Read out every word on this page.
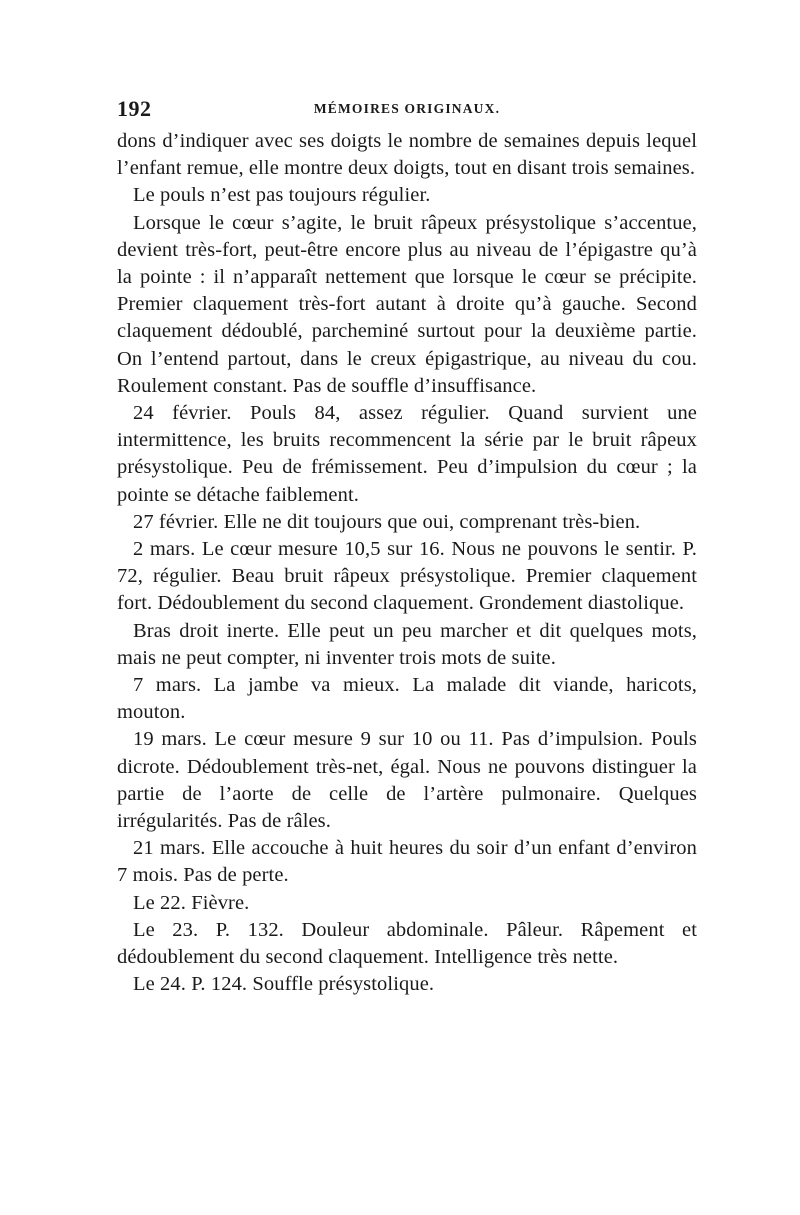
192	MÉMOIRES ORIGINAUX.

dons d’indiquer avec ses doigts le nombre de semaines depuis lequel l’enfant remue, elle montre deux doigts, tout en disant trois semaines.

Le pouls n’est pas toujours régulier.

Lorsque le cœur s’agite, le bruit râpeux présystolique s’accentue, devient très-fort, peut-être encore plus au niveau de l’épigastre qu’à la pointe : il n’apparaît nettement que lorsque le cœur se précipite. Premier claquement très-fort autant à droite qu’à gauche. Second claquement dédoublé, parcheminé surtout pour la deuxième partie. On l’entend partout, dans le creux épigastrique, au niveau du cou. Roulement constant. Pas de souffle d’insuffisance.

24 février. Pouls 84, assez régulier. Quand survient une intermittence, les bruits recommencent la série par le bruit râpeux présystolique. Peu de frémissement. Peu d’impulsion du cœur ; la pointe se détache faiblement.

27 février. Elle ne dit toujours que oui, comprenant très-bien.

2 mars. Le cœur mesure 10,5 sur 16. Nous ne pouvons le sentir. P. 72, régulier. Beau bruit râpeux présystolique. Premier claquement fort. Dédoublement du second claquement. Grondement diastolique.

Bras droit inerte. Elle peut un peu marcher et dit quelques mots, mais ne peut compter, ni inventer trois mots de suite.

7 mars. La jambe va mieux. La malade dit viande, haricots, mouton.

19 mars. Le cœur mesure 9 sur 10 ou 11. Pas d’impulsion. Pouls dicrote. Dédoublement très-net, égal. Nous ne pouvons distinguer la partie de l’aorte de celle de l’artère pulmonaire. Quelques irrégularités. Pas de râles.

21 mars. Elle accouche à huit heures du soir d’un enfant d’environ 7 mois. Pas de perte.

Le 22. Fièvre.

Le 23. P. 132. Douleur abdominale. Pâleur. Râpement et dédoublement du second claquement. Intelligence très nette.

Le 24. P. 124. Souffle présystolique.
